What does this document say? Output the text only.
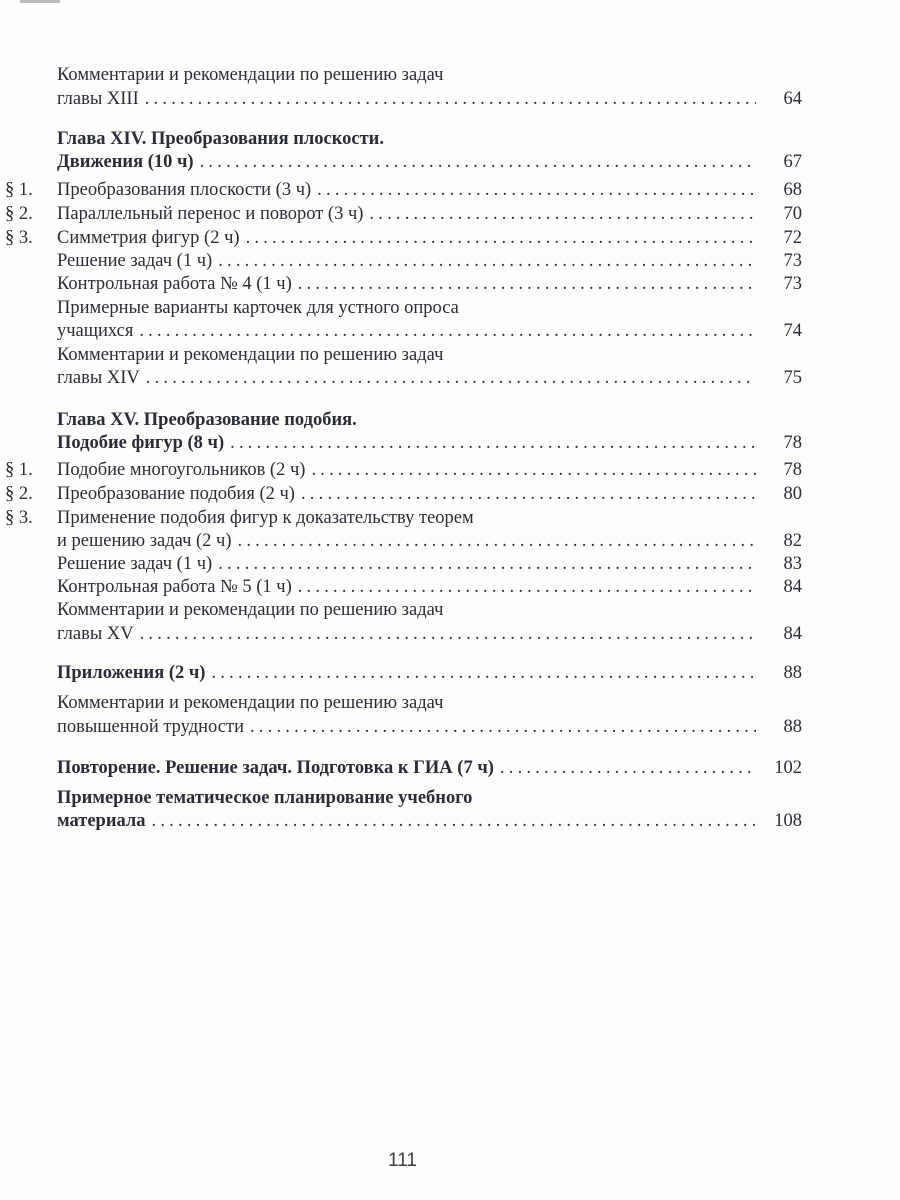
Комментарии и рекомендации по решению задач
главы XIII .....	64
Глава XIV. Преобразования плоскости.
Движения (10 ч) .....	67
§ 1. Преобразования плоскости (3 ч) .....	68
§ 2. Параллельный перенос и поворот (3 ч) .....	70
§ 3. Симметрия фигур (2 ч) .....	72
Решение задач (1 ч) .....	73
Контрольная работа № 4 (1 ч) .....	73
Примерные варианты карточек для устного опроса
учащихся .....	74
Комментарии и рекомендации по решению задач
главы XIV .....	75
Глава XV. Преобразование подобия.
Подобие фигур (8 ч) .....	78
§ 1. Подобие многоугольников (2 ч) .....	78
§ 2. Преобразование подобия (2 ч) .....	80
§ 3. Применение подобия фигур к доказательству теорем
и решению задач (2 ч) .....	82
Решение задач (1 ч) .....	83
Контрольная работа № 5 (1 ч) .....	84
Комментарии и рекомендации по решению задач
главы XV .....	84
Приложения (2 ч) .....	88
Комментарии и рекомендации по решению задач
повышенной трудности .....	88
Повторение. Решение задач. Подготовка к ГИА (7 ч) .....	102
Примерное тематическое планирование учебного
материала .....	108
111
